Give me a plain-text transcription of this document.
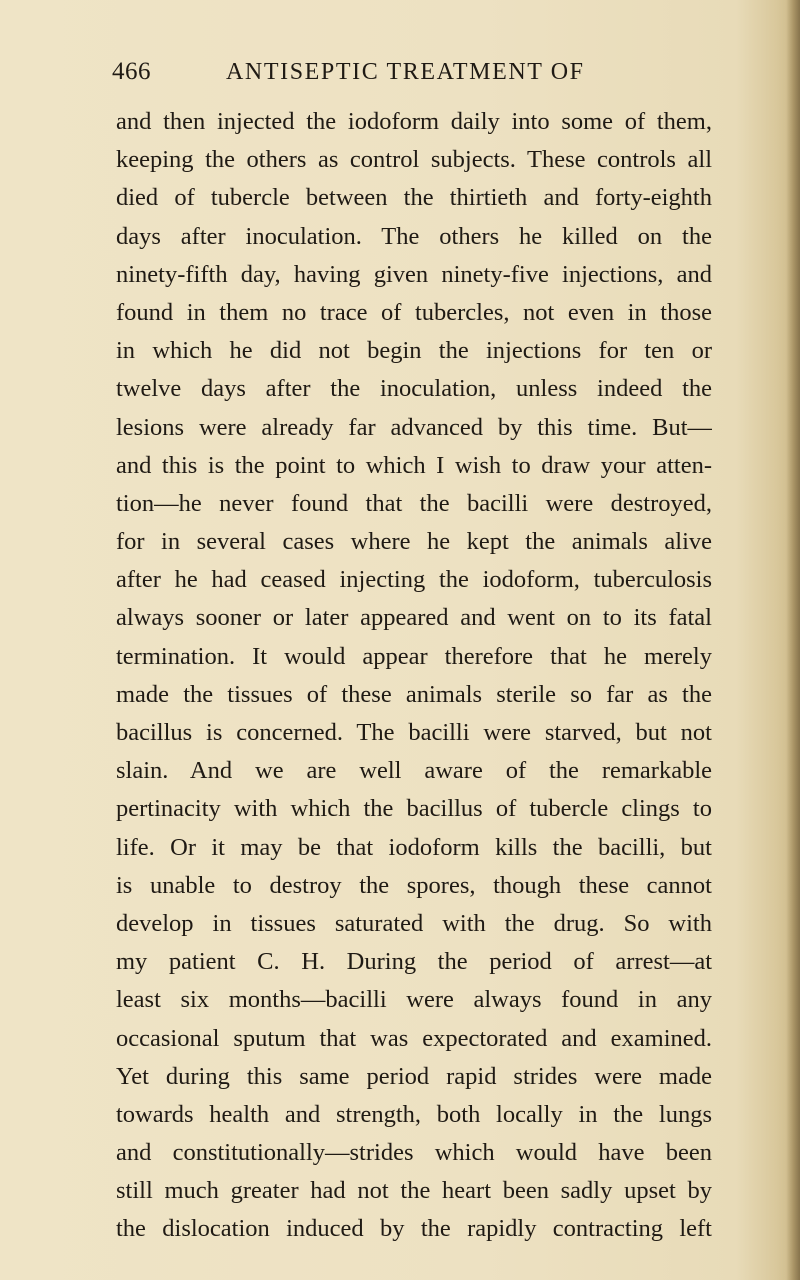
466	ANTISEPTIC TREATMENT OF
and then injected the iodoform daily into some of them,
keeping the others as control subjects. These controls all
died of tubercle between the thirtieth and forty-eighth
days after inoculation. The others he killed on the
ninety-fifth day, having given ninety-five injections, and
found in them no trace of tubercles, not even in those
in which he did not begin the injections for ten or
twelve days after the inoculation, unless indeed the
lesions were already far advanced by this time. But—
and this is the point to which I wish to draw your atten-
tion—he never found that the bacilli were destroyed,
for in several cases where he kept the animals alive
after he had ceased injecting the iodoform, tuberculosis
always sooner or later appeared and went on to its fatal
termination. It would appear therefore that he merely
made the tissues of these animals sterile so far as the
bacillus is concerned. The bacilli were starved, but not
slain. And we are well aware of the remarkable
pertinacity with which the bacillus of tubercle clings to
life. Or it may be that iodoform kills the bacilli, but
is unable to destroy the spores, though these cannot
develop in tissues saturated with the drug. So with
my patient C. H. During the period of arrest—at
least six months—bacilli were always found in any
occasional sputum that was expectorated and examined.
Yet during this same period rapid strides were made
towards health and strength, both locally in the lungs
and constitutionally—strides which would have been
still much greater had not the heart been sadly upset by
the dislocation induced by the rapidly contracting left
